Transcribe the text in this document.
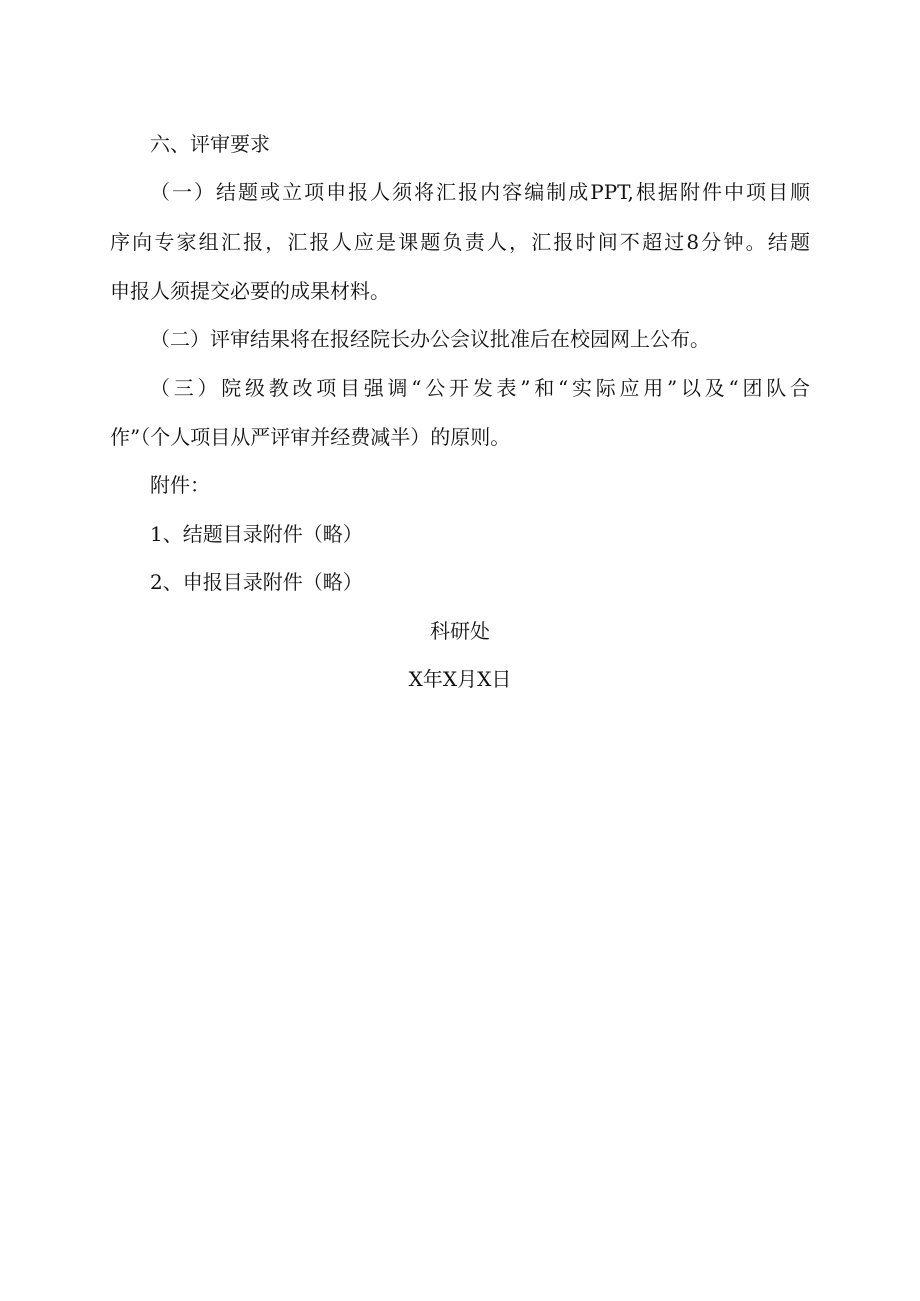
六、评审要求
（一）结题或立项申报人须将汇报内容编制成PPT,根据附件中项目顺
序向专家组汇报，汇报人应是课题负责人，汇报时间不超过8分钟。结题
申报人须提交必要的成果材料。
（二）评审结果将在报经院长办公会议批准后在校园网上公布。
（三）院级教改项目强调“公开发表”和“实际应用”以及“团队合
作”（个人项目从严评审并经费减半）的原则。
附件：
1、结题目录附件（略）
2、申报目录附件（略）
科研处
X年X月X日
